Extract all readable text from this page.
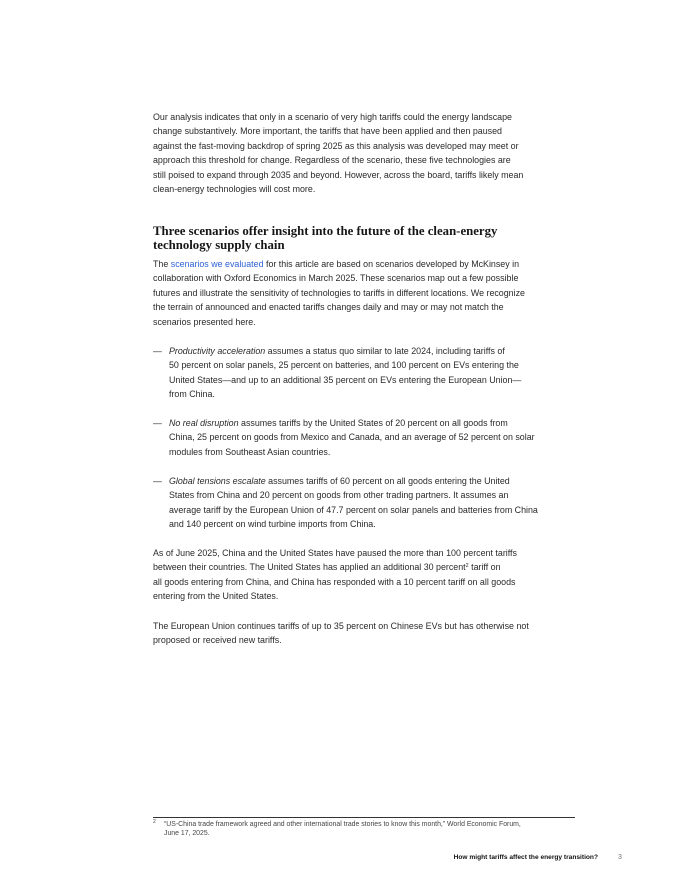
Our analysis indicates that only in a scenario of very high tariffs could the energy landscape
change substantively. More important, the tariffs that have been applied and then paused
against the fast-moving backdrop of spring 2025 as this analysis was developed may meet or
approach this threshold for change. Regardless of the scenario, these five technologies are
still poised to expand through 2035 and beyond. However, across the board, tariffs likely mean
clean-energy technologies will cost more.
Three scenarios offer insight into the future of the clean-energy
technology supply chain
The scenarios we evaluated for this article are based on scenarios developed by McKinsey in
collaboration with Oxford Economics in March 2025. These scenarios map out a few possible
futures and illustrate the sensitivity of technologies to tariffs in different locations. We recognize
the terrain of announced and enacted tariffs changes daily and may or may not match the
scenarios presented here.
— Productivity acceleration assumes a status quo similar to late 2024, including tariffs of
50 percent on solar panels, 25 percent on batteries, and 100 percent on EVs entering the
United States—and up to an additional 35 percent on EVs entering the European Union—
from China.
— No real disruption assumes tariffs by the United States of 20 percent on all goods from
China, 25 percent on goods from Mexico and Canada, and an average of 52 percent on solar
modules from Southeast Asian countries.
— Global tensions escalate assumes tariffs of 60 percent on all goods entering the United
States from China and 20 percent on goods from other trading partners. It assumes an
average tariff by the European Union of 47.7 percent on solar panels and batteries from China
and 140 percent on wind turbine imports from China.
As of June 2025, China and the United States have paused the more than 100 percent tariffs
between their countries. The United States has applied an additional 30 percent$^2$ tariff on
all goods entering from China, and China has responded with a 10 percent tariff on all goods
entering from the United States.
The European Union continues tariffs of up to 35 percent on Chinese EVs but has otherwise not
proposed or received new tariffs.
2 “US-China trade framework agreed and other international trade stories to know this month,” World Economic Forum,
June 17, 2025.
How might tariffs affect the energy transition?	3
